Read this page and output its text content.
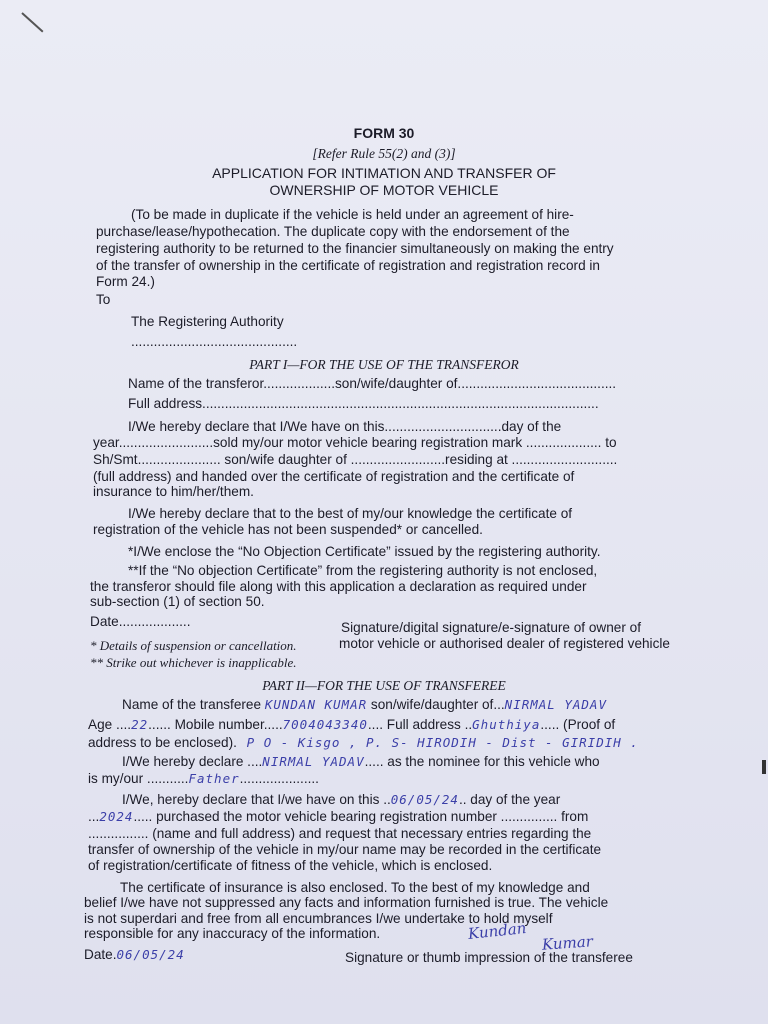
FORM 30
[Refer Rule 55(2) and (3)]
APPLICATION FOR INTIMATION AND TRANSFER OF
OWNERSHIP OF MOTOR VEHICLE
(To be made in duplicate if the vehicle is held under an agreement of hire-
purchase/lease/hypothecation. The duplicate copy with the endorsement of the
registering authority to be returned to the financier simultaneously on making the entry
of the transfer of ownership in the certificate of registration and registration record in
Form 24.)
To
The Registering Authority
............................................
PART I—FOR THE USE OF THE TRANSFEROR
Name of the transferor...................son/wife/daughter of..........................................
Full address.........................................................................................................
I/We hereby declare that I/We have on this...............................day of the
year.........................sold my/our motor vehicle bearing registration mark .................... to
Sh/Smt...................... son/wife daughter of .........................residing at ............................
(full address) and handed over the certificate of registration and the certificate of
insurance to him/her/them.
I/We hereby declare that to the best of my/our knowledge the certificate of
registration of the vehicle has not been suspended* or cancelled.
*I/We enclose the “No Objection Certificate” issued by the registering authority.
**If the “No objection Certificate” from the registering authority is not enclosed,
the transferor should file along with this application a declaration as required under
sub-section (1) of section 50.
Date...................	Signature/digital signature/e-signature of owner of
motor vehicle or authorised dealer of registered vehicle
* Details of suspension or cancellation.
** Strike out whichever is inapplicable.
PART II—FOR THE USE OF TRANSFEREE
Name of the transferee KUNDAN KUMAR son/wife/daughter of...NIRMAL YADAV
Age ....22...... Mobile number.....7004043340.... Full address ..Ghuthiya..... (Proof of
address to be enclosed). P O - Kisgo , P. S- HIRODIH - Dist - GIRIDIH .
I/We hereby declare ....NIRMAL YADAV..... as the nominee for this vehicle who
is my/our ...........Father.....................
I/We, hereby declare that I/we have on this ..06/05/24.. day of the year
...2024..... purchased the motor vehicle bearing registration number ............... from
................ (name and full address) and request that necessary entries regarding the
transfer of ownership of the vehicle in my/our name may be recorded in the certificate
of registration/certificate of fitness of the vehicle, which is enclosed.
The certificate of insurance is also enclosed. To the best of my knowledge and
belief I/we have not suppressed any facts and information furnished is true. The vehicle
is not superdari and free from all encumbrances I/we undertake to hold myself
responsible for any inaccuracy of the information.
Date.06/05/24
Kundan Kumar
Signature or thumb impression of the transferee
